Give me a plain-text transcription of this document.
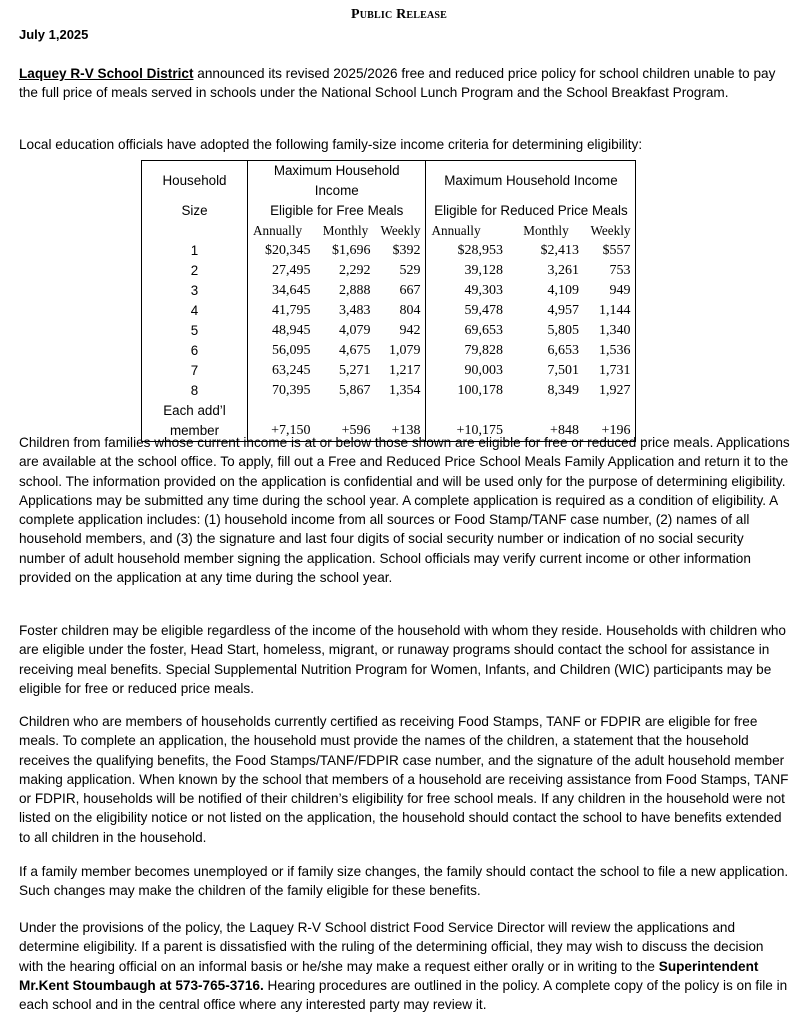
Public Release
July 1,2025

Laquey R-V School District announced its revised 2025/2026 free and reduced price policy for school children unable to pay the full price of meals served in schools under the National School Lunch Program and the School Breakfast Program.

Local education officials have adopted the following family-size income criteria for determining eligibility:

Household	Maximum Household Income			Maximum Household Income		
Size	Eligible for Free Meals			Eligible for Reduced Price Meals		
	Annually	Monthly	Weekly	Annually	Monthly	Weekly
1	$20,345	$1,696	$392	$28,953	$2,413	$557
2	27,495	2,292	529	39,128	3,261	753
3	34,645	2,888	667	49,303	4,109	949
4	41,795	3,483	804	59,478	4,957	1,144
5	48,945	4,079	942	69,653	5,805	1,340
6	56,095	4,675	1,079	79,828	6,653	1,536
7	63,245	5,271	1,217	90,003	7,501	1,731
8	70,395	5,867	1,354	100,178	8,349	1,927
Each add’l						
member	+7,150	+596	+138	+10,175	+848	+196

Children from families whose current income is at or below those shown are eligible for free or reduced price meals. Applications are available at the school office. To apply, fill out a Free and Reduced Price School Meals Family Application and return it to the school. The information provided on the application is confidential and will be used only for the purpose of determining eligibility. Applications may be submitted any time during the school year. A complete application is required as a condition of eligibility. A complete application includes: (1) household income from all sources or Food Stamp/TANF case number, (2) names of all household members, and (3) the signature and last four digits of social security number or indication of no social security number of adult household member signing the application. School officials may verify current income or other information provided on the application at any time during the school year.

Foster children may be eligible regardless of the income of the household with whom they reside. Households with children who are eligible under the foster, Head Start, homeless, migrant, or runaway programs should contact the school for assistance in receiving meal benefits. Special Supplemental Nutrition Program for Women, Infants, and Children (WIC) participants may be eligible for free or reduced price meals.

Children who are members of households currently certified as receiving Food Stamps, TANF or FDPIR are eligible for free meals. To complete an application, the household must provide the names of the children, a statement that the household receives the qualifying benefits, the Food Stamps/TANF/FDPIR case number, and the signature of the adult household member making application. When known by the school that members of a household are receiving assistance from Food Stamps, TANF or FDPIR, households will be notified of their children’s eligibility for free school meals. If any children in the household were not listed on the eligibility notice or not listed on the application, the household should contact the school to have benefits extended to all children in the household.

If a family member becomes unemployed or if family size changes, the family should contact the school to file a new application. Such changes may make the children of the family eligible for these benefits.

Under the provisions of the policy, the Laquey R-V School district Food Service Director will review the applications and determine eligibility. If a parent is dissatisfied with the ruling of the determining official, they may wish to discuss the decision with the hearing official on an informal basis or he/she may make a request either orally or in writing to the Superintendent Mr.Kent Stoumbaugh at 573-765-3716. Hearing procedures are outlined in the policy. A complete copy of the policy is on file in each school and in the central office where any interested party may review it.
